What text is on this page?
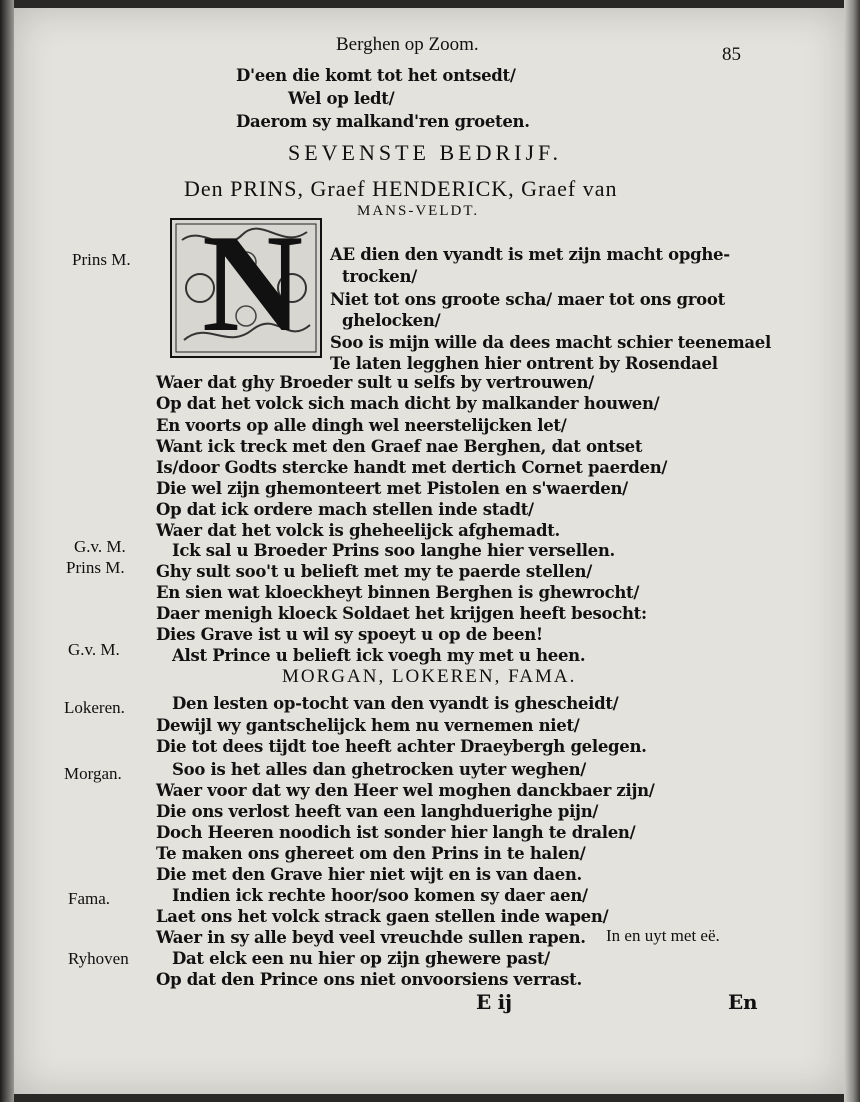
Berghen op Zoom.	85
D'een die komt tot het ontsedt/
Wel op ledt/
Daerom sy malkand'ren groeten.
SEVENSTE BEDRIJF.
Den PRINS, Graef HENDERICK, Graef van
MANS-VELDT.
N
Prins M.
G.v. M.
Prins M.
G.v. M.
Lokeren.
Morgan.
Fama.
Ryhoven
AE dien den vyandt is met zijn macht opghe-
trocken/
Niet tot ons groote scha/ maer tot ons groot
ghelocken/
Soo is mijn wille da dees macht schier teenemael
Te laten legghen hier ontrent by Rosendael
Waer dat ghy Broeder sult u selfs by vertrouwen/
Op dat het volck sich mach dicht by malkander houwen/
En voorts op alle dingh wel neerstelijcken let/
Want ick treck met den Graef nae Berghen, dat ontset
Is/door Godts stercke handt met dertich Cornet paerden/
Die wel zijn ghemonteert met Pistolen en s'waerden/
Op dat ick ordere mach stellen inde stadt/
Waer dat het volck is gheheelijck afghemadt.
Ick sal u Broeder Prins soo langhe hier versellen.
Ghy sult soo't u belieft met my te paerde stellen/
En sien wat kloeckheyt binnen Berghen is ghewrocht/
Daer menigh kloeck Soldaet het krijgen heeft besocht:
Dies Grave ist u wil sy spoeyt u op de been!
Alst Prince u belieft ick voegh my met u heen.
MORGAN, LOKEREN, FAMA.
Den lesten op-tocht van den vyandt is ghescheidt/
Dewijl wy gantschelijck hem nu vernemen niet/
Die tot dees tijdt toe heeft achter Draeybergh gelegen.
Soo is het alles dan ghetrocken uyter weghen/
Waer voor dat wy den Heer wel moghen danckbaer zijn/
Die ons verlost heeft van een langhduerighe pijn/
Doch Heeren noodich ist sonder hier langh te dralen/
Te maken ons ghereet om den Prins in te halen/
Die met den Grave hier niet wijt en is van daen.
Indien ick rechte hoor/soo komen sy daer aen/
Laet ons het volck strack gaen stellen inde wapen/
Waer in sy alle beyd veel vreuchde sullen rapen.
Dat elck een nu hier op zijn ghewere past/
Op dat den Prince ons niet onvoorsiens verrast.
In en uyt met eë.
E ij	En
